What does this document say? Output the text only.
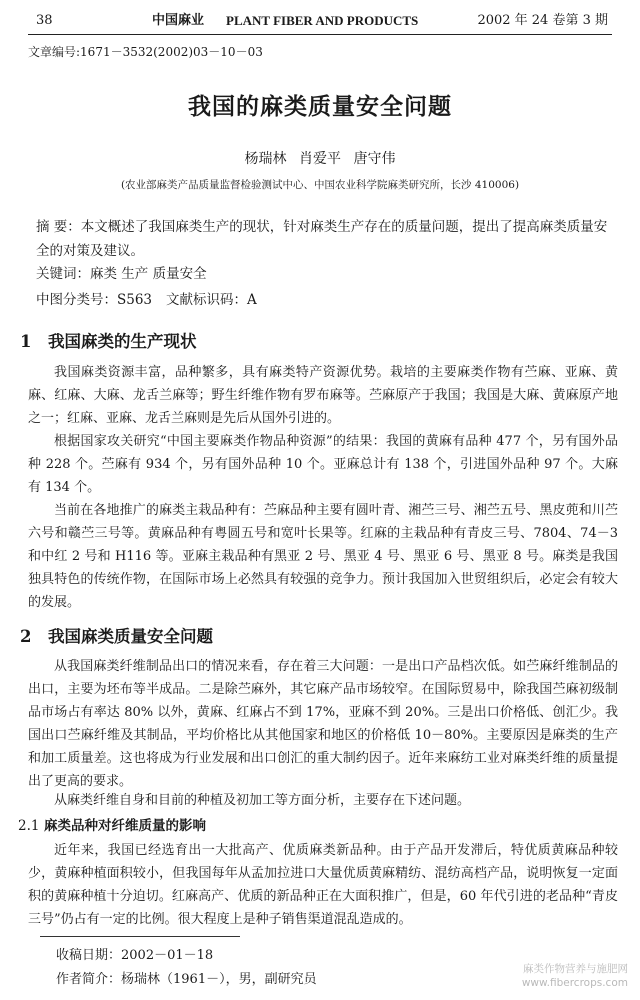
38	中国麻业 PLANT FIBER AND PRODUCTS	2002 年 24 卷第 3 期
文章编号:1671－3532(2002)03－10－03
我国的麻类质量安全问题
杨瑞林 肖爱平 唐守伟
(农业部麻类产品质量监督检验测试中心、中国农业科学院麻类研究所，长沙 410006)
摘 要：本文概述了我国麻类生产的现状，针对麻类生产存在的质量问题，提出了提高麻类质量安全的对策及建议。
关键词：麻类 生产 质量安全
中图分类号：S563 文献标识码：A
1 我国麻类的生产现状
我国麻类资源丰富，品种繁多，具有麻类特产资源优势。栽培的主要麻类作物有苎麻、亚麻、黄麻、红麻、大麻、龙舌兰麻等；野生纤维作物有罗布麻等。苎麻原产于我国；我国是大麻、黄麻原产地之一；红麻、亚麻、龙舌兰麻则是先后从国外引进的。
根据国家攻关研究“中国主要麻类作物品种资源”的结果：我国的黄麻有品种 477 个，另有国外品种 228 个。苎麻有 934 个，另有国外品种 10 个。亚麻总计有 138 个，引进国外品种 97 个。大麻有 134 个。
当前在各地推广的麻类主栽品种有：苎麻品种主要有圆叶青、湘苎三号、湘苎五号、黑皮蔸和川苎六号和赣苎三号等。黄麻品种有粤圆五号和宽叶长果等。红麻的主栽品种有青皮三号、7804、74－3 和中红 2 号和 H116 等。亚麻主栽品种有黑亚 2 号、黑亚 4 号、黑亚 6 号、黑亚 8 号。麻类是我国独具特色的传统作物，在国际市场上必然具有较强的竞争力。预计我国加入世贸组织后，必定会有较大的发展。
2 我国麻类质量安全问题
从我国麻类纤维制品出口的情况来看，存在着三大问题：一是出口产品档次低。如苎麻纤维制品的出口，主要为坯布等半成品。二是除苎麻外，其它麻产品市场较窄。在国际贸易中，除我国苎麻初级制品市场占有率达 80% 以外，黄麻、红麻占不到 17%，亚麻不到 20%。三是出口价格低、创汇少。我国出口苎麻纤维及其制品，平均价格比从其他国家和地区的价格低 10－80%。主要原因是麻类的生产和加工质量差。这也将成为行业发展和出口创汇的重大制约因子。近年来麻纺工业对麻类纤维的质量提出了更高的要求。
从麻类纤维自身和目前的种植及初加工等方面分析，主要存在下述问题。
2.1 麻类品种对纤维质量的影响
近年来，我国已经选育出一大批高产、优质麻类新品种。由于产品开发滞后，特优质黄麻品种较少，黄麻种植面积较小，但我国每年从孟加拉进口大量优质黄麻精纺、混纺高档产品，说明恢复一定面积的黄麻种植十分迫切。红麻高产、优质的新品种正在大面积推广，但是，60 年代引进的老品种“青皮三号”仍占有一定的比例。很大程度上是种子销售渠道混乱造成的。
收稿日期：2002－01－18
作者简介：杨瑞林（1961－），男，副研究员
麻类作物营养与施肥网
www.fibercrops.com
